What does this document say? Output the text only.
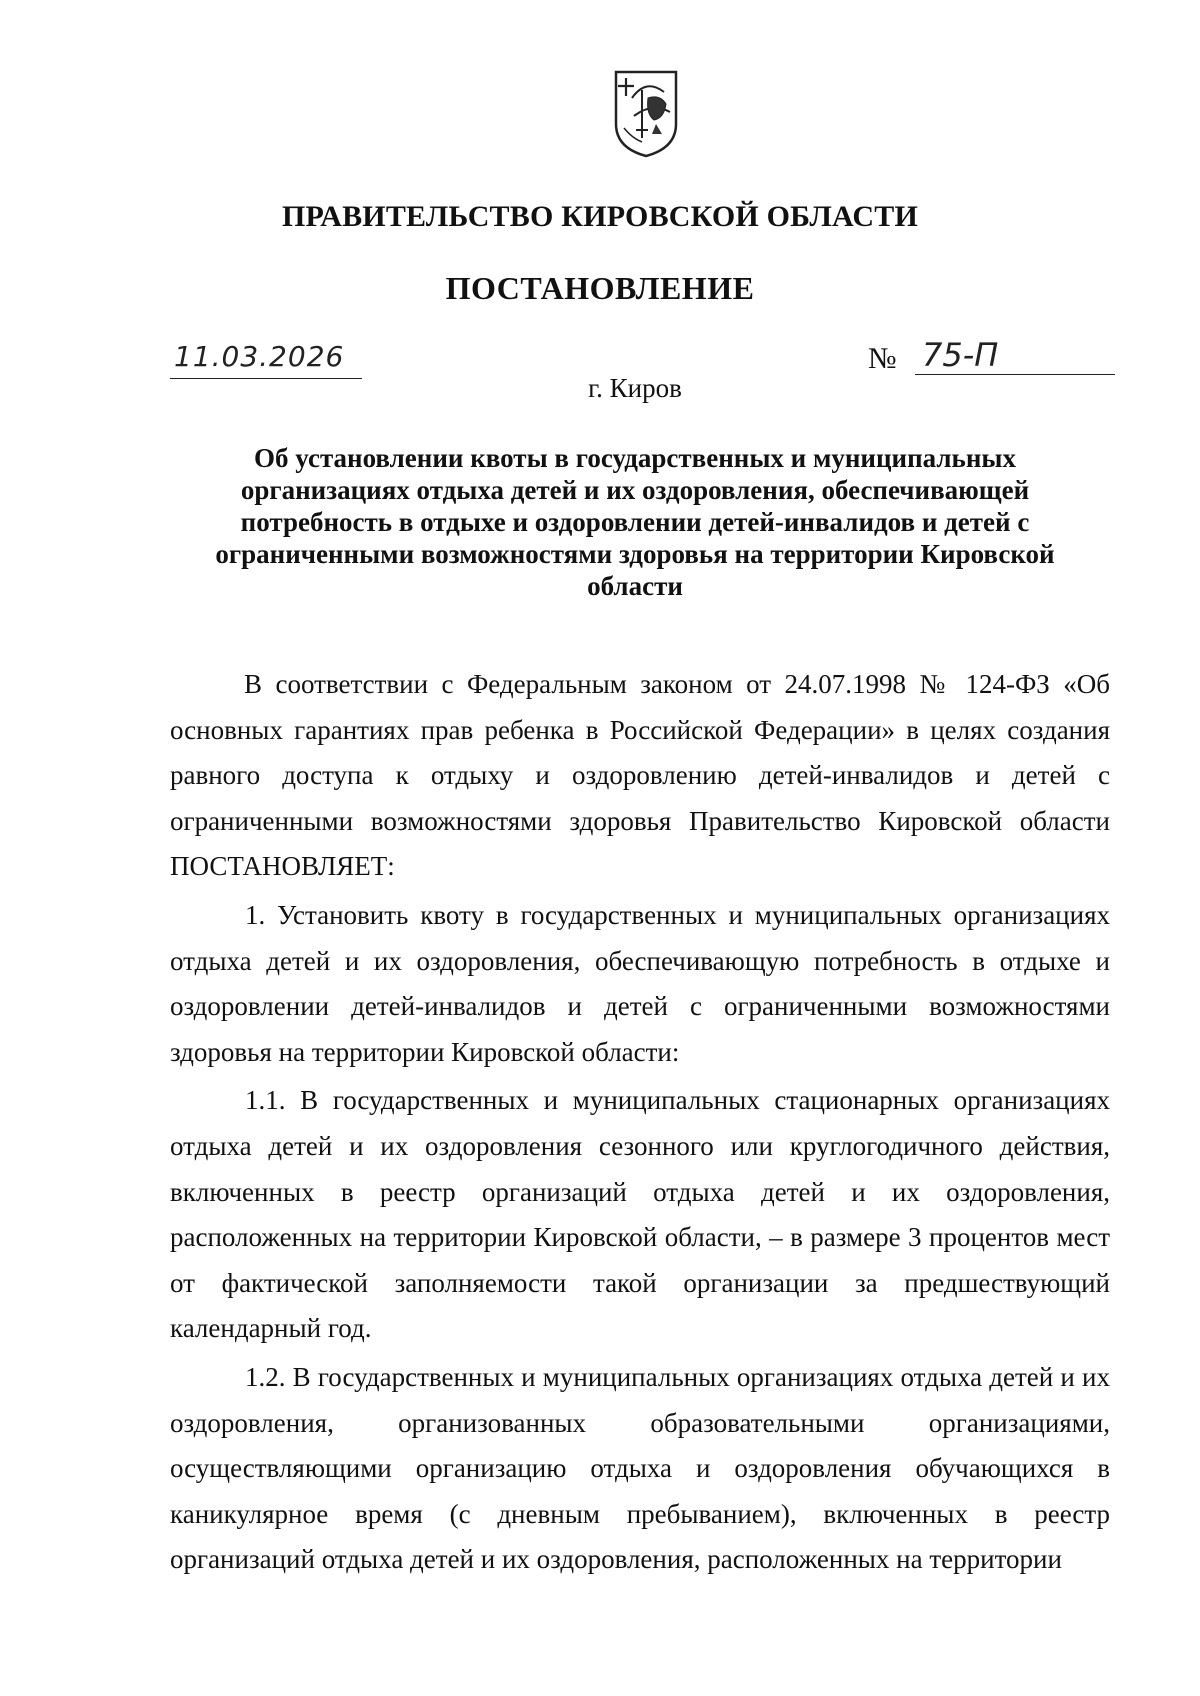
ПРАВИТЕЛЬСТВО КИРОВСКОЙ ОБЛАСТИ
ПОСТАНОВЛЕНИЕ
11.03.2026	№ 75-П
г. Киров
Об установлении квоты в государственных и муниципальных организациях отдыха детей и их оздоровления, обеспечивающей потребность в отдыхе и оздоровлении детей-инвалидов и детей с ограниченными возможностями здоровья на территории Кировской области

В соответствии с Федеральным законом от 24.07.1998 № 124-ФЗ «Об основных гарантиях прав ребенка в Российской Федерации» в целях создания равного доступа к отдыху и оздоровлению детей-инвалидов и детей с ограниченными возможностями здоровья Правительство Кировской области ПОСТАНОВЛЯЕТ:

1. Установить квоту в государственных и муниципальных организациях отдыха детей и их оздоровления, обеспечивающую потребность в отдыхе и оздоровлении детей-инвалидов и детей с ограниченными возможностями здоровья на территории Кировской области:

1.1. В государственных и муниципальных стационарных организациях отдыха детей и их оздоровления сезонного или круглогодичного действия, включенных в реестр организаций отдыха детей и их оздоровления, расположенных на территории Кировской области, – в размере 3 процентов мест от фактической заполняемости такой организации за предшествующий календарный год.

1.2. В государственных и муниципальных организациях отдыха детей и их оздоровления, организованных образовательными организациями, осуществляющими организацию отдыха и оздоровления обучающихся в каникулярное время (с дневным пребыванием), включенных в реестр организаций отдыха детей и их оздоровления, расположенных на территории
